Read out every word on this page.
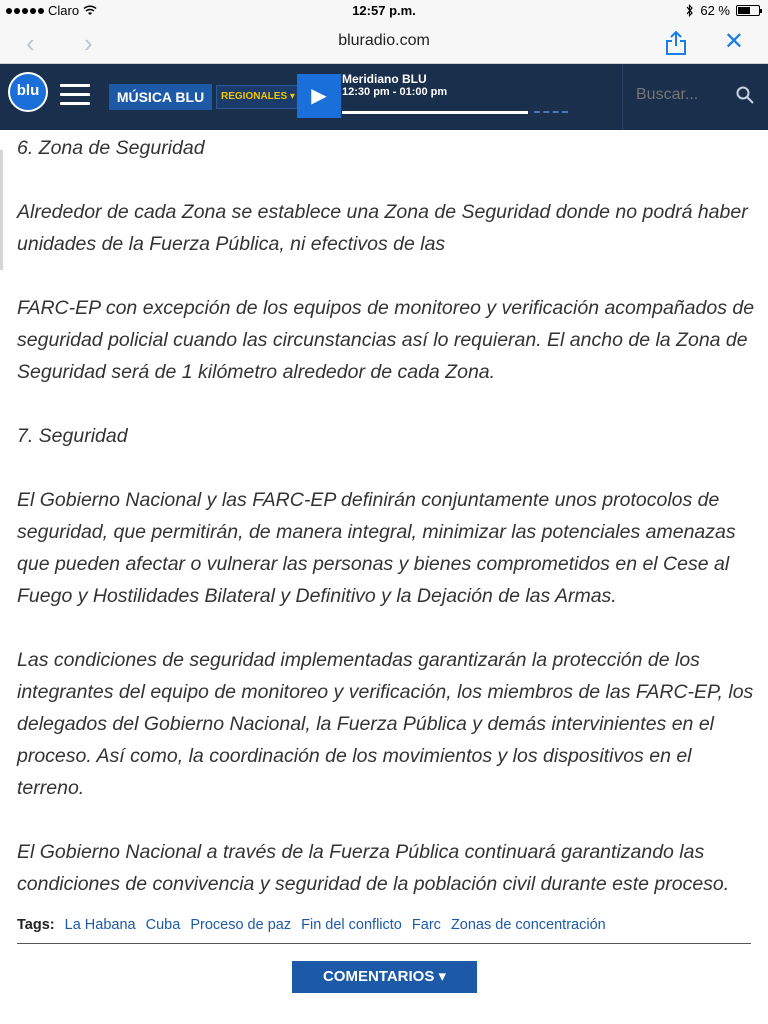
Claro	12:57 p.m.	62 %
‹ ›	bluradio.com	✕
blu	MÚSICA BLU	REGIONALES ▾
Meridiano BLU
12:30 pm - 01:00 pm
Buscar...
▶

6. Zona de Seguridad

Alrededor de cada Zona se establece una Zona de Seguridad donde no podrá haber unidades de la Fuerza Pública, ni efectivos de las

FARC-EP con excepción de los equipos de monitoreo y verificación acompañados de seguridad policial cuando las circunstancias así lo requieran. El ancho de la Zona de Seguridad será de 1 kilómetro alrededor de cada Zona.

7. Seguridad

El Gobierno Nacional y las FARC-EP definirán conjuntamente unos protocolos de seguridad, que permitirán, de manera integral, minimizar las potenciales amenazas que pueden afectar o vulnerar las personas y bienes comprometidos en el Cese al Fuego y Hostilidades Bilateral y Definitivo y la Dejación de las Armas.

Las condiciones de seguridad implementadas garantizarán la protección de los integrantes del equipo de monitoreo y verificación, los miembros de las FARC-EP, los delegados del Gobierno Nacional, la Fuerza Pública y demás intervinientes en el proceso. Así como, la coordinación de los movimientos y los dispositivos en el terreno.

El Gobierno Nacional a través de la Fuerza Pública continuará garantizando las condiciones de convivencia y seguridad de la población civil durante este proceso.

Tags: La Habana Cuba Proceso de paz Fin del conflicto Farc Zonas de concentración
COMENTARIOS ▾
